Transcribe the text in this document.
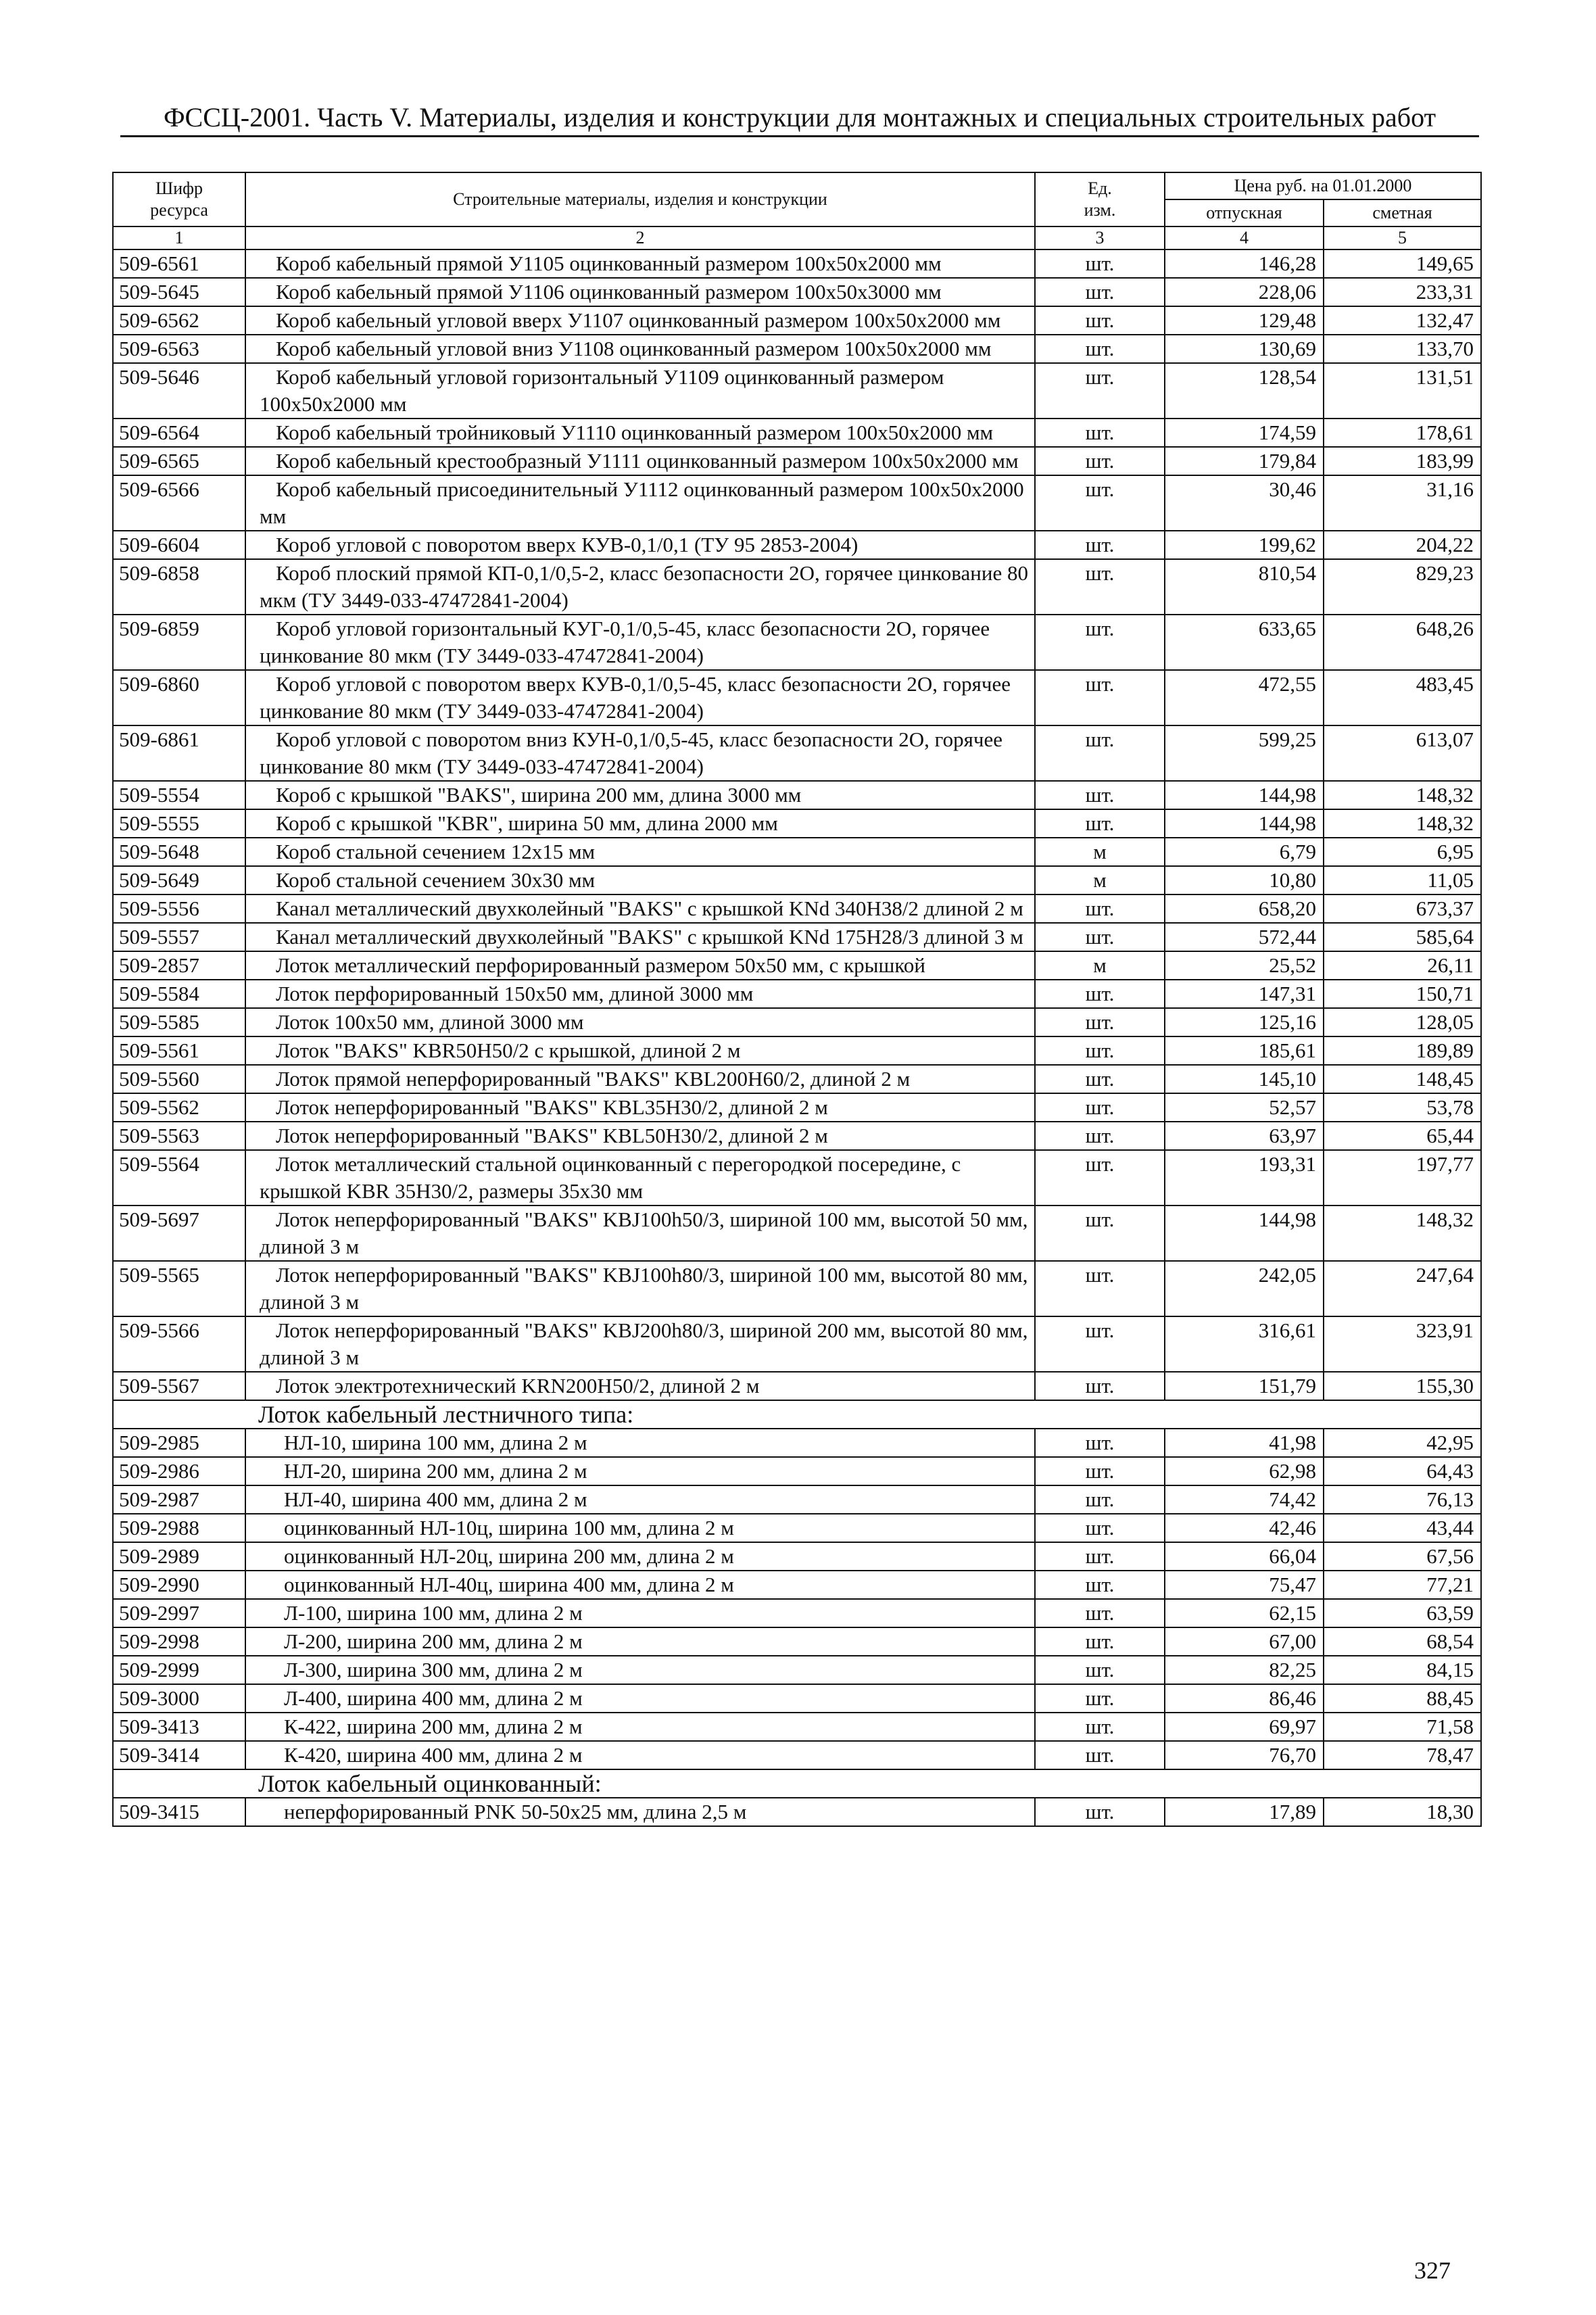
ФССЦ-2001. Часть V. Материалы, изделия и конструкции для монтажных и специальных строительных работ
Шифр
ресурса	Строительные материалы, изделия и конструкции	Ед.
изм.	Цена руб. на 01.01.2000	
			отпускная	сметная
1	2	3	4	5
509-6561	Короб кабельный прямой У1105 оцинкованный размером 100х50х2000 мм	шт.	146,28	149,65
509-5645	Короб кабельный прямой У1106 оцинкованный размером 100х50х3000 мм	шт.	228,06	233,31
509-6562	Короб кабельный угловой вверх У1107 оцинкованный размером 100х50х2000 мм	шт.	129,48	132,47
509-6563	Короб кабельный угловой вниз У1108 оцинкованный размером 100х50х2000 мм	шт.	130,69	133,70
509-5646	Короб кабельный угловой горизонтальный У1109 оцинкованный размером 100х50х2000 мм	шт.	128,54	131,51
509-6564	Короб кабельный тройниковый У1110 оцинкованный размером 100х50х2000 мм	шт.	174,59	178,61
509-6565	Короб кабельный крестообразный У1111 оцинкованный размером 100х50х2000 мм	шт.	179,84	183,99
509-6566	Короб кабельный присоединительный У1112 оцинкованный размером 100х50х2000 мм	шт.	30,46	31,16
509-6604	Короб угловой с поворотом вверх КУВ-0,1/0,1 (ТУ 95 2853-2004)	шт.	199,62	204,22
509-6858	Короб плоский прямой КП-0,1/0,5-2, класс безопасности 2О, горячее цинкование 80 мкм (ТУ 3449-033-47472841-2004)	шт.	810,54	829,23
509-6859	Короб угловой горизонтальный КУГ-0,1/0,5-45, класс безопасности 2О, горячее цинкование 80 мкм (ТУ 3449-033-47472841-2004)	шт.	633,65	648,26
509-6860	Короб угловой с поворотом вверх КУВ-0,1/0,5-45, класс безопасности 2О, горячее цинкование 80 мкм (ТУ 3449-033-47472841-2004)	шт.	472,55	483,45
509-6861	Короб угловой с поворотом вниз КУН-0,1/0,5-45, класс безопасности 2О, горячее цинкование 80 мкм (ТУ 3449-033-47472841-2004)	шт.	599,25	613,07
509-5554	Короб с крышкой "BAKS", ширина 200 мм, длина 3000 мм	шт.	144,98	148,32
509-5555	Короб с крышкой "KBR", ширина 50 мм, длина 2000 мм	шт.	144,98	148,32
509-5648	Короб стальной сечением 12х15 мм	м	6,79	6,95
509-5649	Короб стальной сечением 30х30 мм	м	10,80	11,05
509-5556	Канал металлический двухколейный "BAKS" с крышкой KNd 340H38/2 длиной 2 м	шт.	658,20	673,37
509-5557	Канал металлический двухколейный "BAKS" с крышкой KNd 175H28/3 длиной 3 м	шт.	572,44	585,64
509-2857	Лоток металлический перфорированный размером 50х50 мм, с крышкой	м	25,52	26,11
509-5584	Лоток перфорированный 150х50 мм, длиной 3000 мм	шт.	147,31	150,71
509-5585	Лоток 100х50 мм, длиной 3000 мм	шт.	125,16	128,05
509-5561	Лоток "BAKS" KBR50H50/2 с крышкой, длиной 2 м	шт.	185,61	189,89
509-5560	Лоток прямой неперфорированный "BAKS" KBL200H60/2, длиной 2 м	шт.	145,10	148,45
509-5562	Лоток неперфорированный "BAKS" KBL35H30/2, длиной 2 м	шт.	52,57	53,78
509-5563	Лоток неперфорированный "BAKS" KBL50H30/2, длиной 2 м	шт.	63,97	65,44
509-5564	Лоток металлический стальной оцинкованный с перегородкой посередине, с крышкой KBR 35H30/2, размеры 35х30 мм	шт.	193,31	197,77
509-5697	Лоток неперфорированный "BAKS" KBJ100h50/3, шириной 100 мм, высотой 50 мм, длиной 3 м	шт.	144,98	148,32
509-5565	Лоток неперфорированный "BAKS" KBJ100h80/3, шириной 100 мм, высотой 80 мм, длиной 3 м	шт.	242,05	247,64
509-5566	Лоток неперфорированный "BAKS" KBJ200h80/3, шириной 200 мм, высотой 80 мм, длиной 3 м	шт.	316,61	323,91
509-5567	Лоток электротехнический KRN200H50/2, длиной 2 м	шт.	151,79	155,30
Лоток кабельный лестничного типа:				
509-2985	НЛ-10, ширина 100 мм, длина 2 м	шт.	41,98	42,95
509-2986	НЛ-20, ширина 200 мм, длина 2 м	шт.	62,98	64,43
509-2987	НЛ-40, ширина 400 мм, длина 2 м	шт.	74,42	76,13
509-2988	оцинкованный НЛ-10ц, ширина 100 мм, длина 2 м	шт.	42,46	43,44
509-2989	оцинкованный НЛ-20ц, ширина 200 мм, длина 2 м	шт.	66,04	67,56
509-2990	оцинкованный НЛ-40ц, ширина 400 мм, длина 2 м	шт.	75,47	77,21
509-2997	Л-100, ширина 100 мм, длина 2 м	шт.	62,15	63,59
509-2998	Л-200, ширина 200 мм, длина 2 м	шт.	67,00	68,54
509-2999	Л-300, ширина 300 мм, длина 2 м	шт.	82,25	84,15
509-3000	Л-400, ширина 400 мм, длина 2 м	шт.	86,46	88,45
509-3413	К-422, ширина 200 мм, длина 2 м	шт.	69,97	71,58
509-3414	К-420, ширина 400 мм, длина 2 м	шт.	76,70	78,47
Лоток кабельный оцинкованный:				
509-3415	неперфорированный PNK 50-50х25 мм, длина 2,5 м	шт.	17,89	18,30
327
